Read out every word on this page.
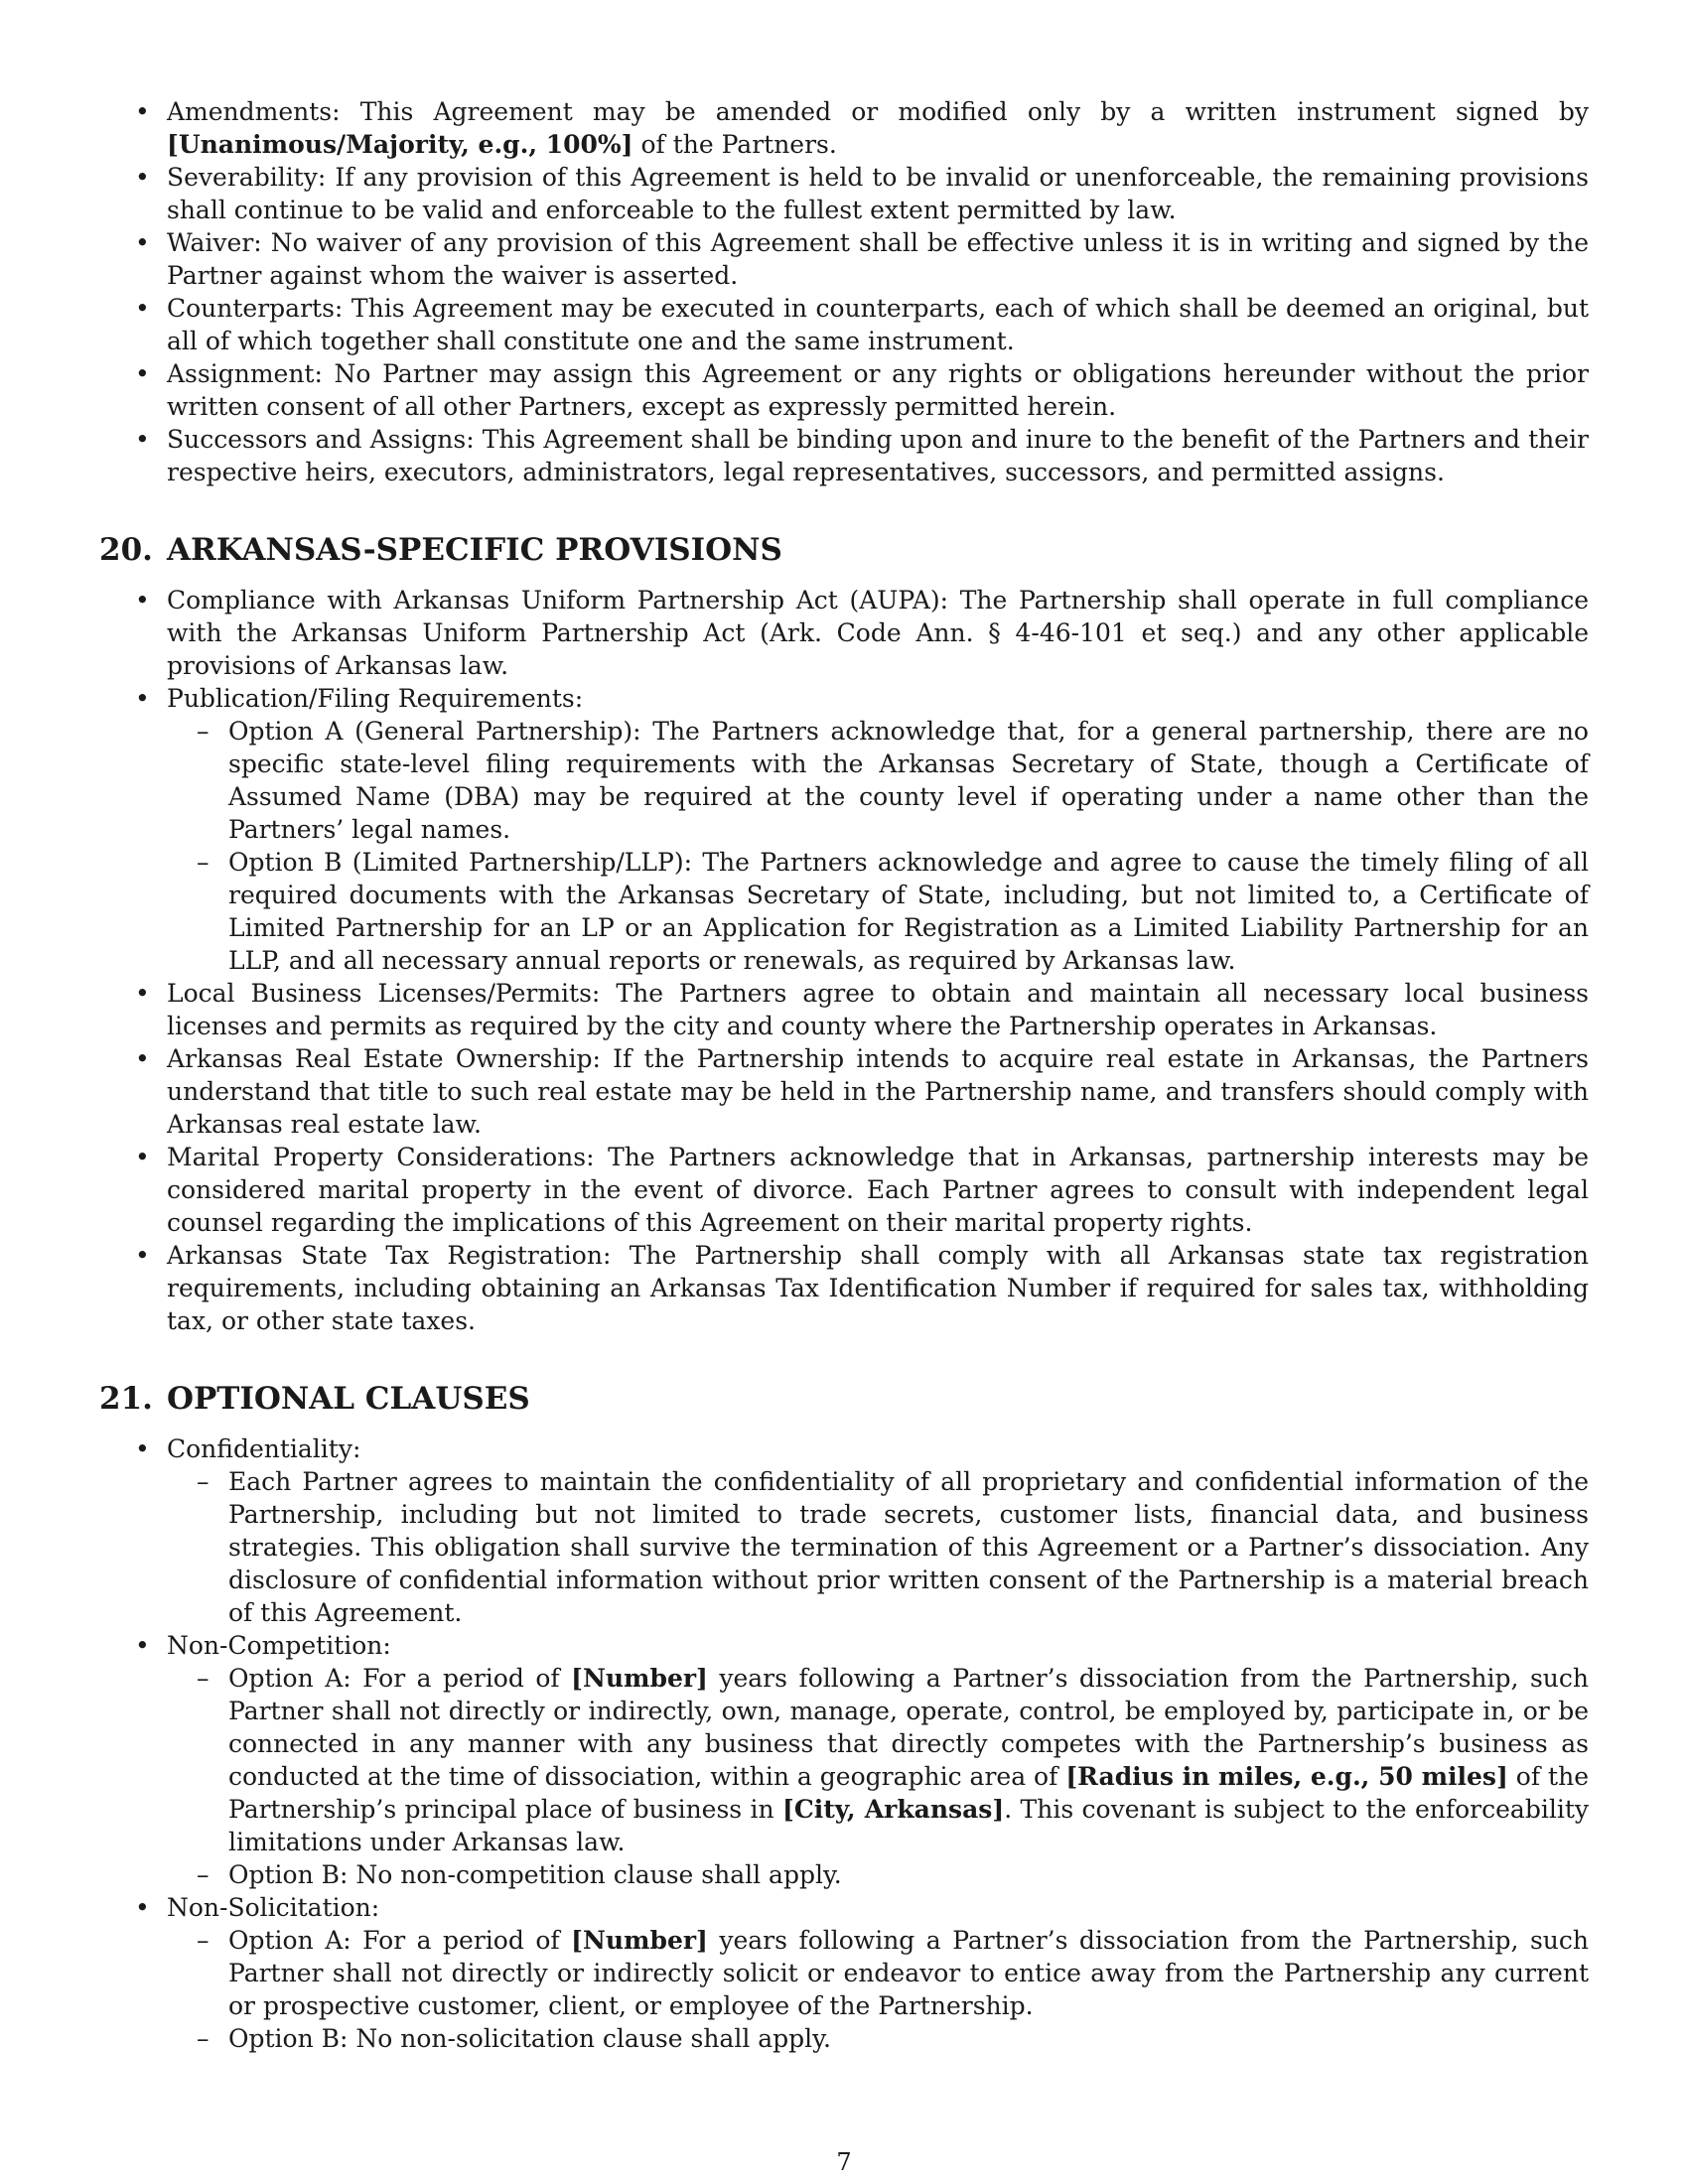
• Amendments: This Agreement may be amended or modified only by a written instrument signed by [Unanimous/Majority, e.g., 100%] of the Partners.
• Severability: If any provision of this Agreement is held to be invalid or unenforceable, the remaining provisions shall continue to be valid and enforceable to the fullest extent permitted by law.
• Waiver: No waiver of any provision of this Agreement shall be effective unless it is in writing and signed by the Partner against whom the waiver is asserted.
• Counterparts: This Agreement may be executed in counterparts, each of which shall be deemed an original, but all of which together shall constitute one and the same instrument.
• Assignment: No Partner may assign this Agreement or any rights or obligations hereunder without the prior written consent of all other Partners, except as expressly permitted herein.
• Successors and Assigns: This Agreement shall be binding upon and inure to the benefit of the Partners and their respective heirs, executors, administrators, legal representatives, successors, and permitted assigns.
20. ARKANSAS-SPECIFIC PROVISIONS
• Compliance with Arkansas Uniform Partnership Act (AUPA): The Partnership shall operate in full compliance with the Arkansas Uniform Partnership Act (Ark. Code Ann. § 4-46-101 et seq.) and any other applicable provisions of Arkansas law.
• Publication/Filing Requirements:
– Option A (General Partnership): The Partners acknowledge that, for a general partnership, there are no specific state-level filing requirements with the Arkansas Secretary of State, though a Certificate of Assumed Name (DBA) may be required at the county level if operating under a name other than the Partners’ legal names.
– Option B (Limited Partnership/LLP): The Partners acknowledge and agree to cause the timely filing of all required documents with the Arkansas Secretary of State, including, but not limited to, a Certificate of Limited Partnership for an LP or an Application for Registration as a Limited Liability Partnership for an LLP, and all necessary annual reports or renewals, as required by Arkansas law.
• Local Business Licenses/Permits: The Partners agree to obtain and maintain all necessary local business licenses and permits as required by the city and county where the Partnership operates in Arkansas.
• Arkansas Real Estate Ownership: If the Partnership intends to acquire real estate in Arkansas, the Partners understand that title to such real estate may be held in the Partnership name, and transfers should comply with Arkansas real estate law.
• Marital Property Considerations: The Partners acknowledge that in Arkansas, partnership interests may be considered marital property in the event of divorce. Each Partner agrees to consult with independent legal counsel regarding the implications of this Agreement on their marital property rights.
• Arkansas State Tax Registration: The Partnership shall comply with all Arkansas state tax registration requirements, including obtaining an Arkansas Tax Identification Number if required for sales tax, withholding tax, or other state taxes.
21. OPTIONAL CLAUSES
• Confidentiality:
– Each Partner agrees to maintain the confidentiality of all proprietary and confidential information of the Partnership, including but not limited to trade secrets, customer lists, financial data, and business strategies. This obligation shall survive the termination of this Agreement or a Partner’s dissociation. Any disclosure of confidential information without prior written consent of the Partnership is a material breach of this Agreement.
• Non-Competition:
– Option A: For a period of [Number] years following a Partner’s dissociation from the Partnership, such Partner shall not directly or indirectly, own, manage, operate, control, be employed by, participate in, or be connected in any manner with any business that directly competes with the Partnership’s business as conducted at the time of dissociation, within a geographic area of [Radius in miles, e.g., 50 miles] of the Partnership’s principal place of business in [City, Arkansas]. This covenant is subject to the enforceability limitations under Arkansas law.
– Option B: No non-competition clause shall apply.
• Non-Solicitation:
– Option A: For a period of [Number] years following a Partner’s dissociation from the Partnership, such Partner shall not directly or indirectly solicit or endeavor to entice away from the Partnership any current or prospective customer, client, or employee of the Partnership.
– Option B: No non-solicitation clause shall apply.
7
